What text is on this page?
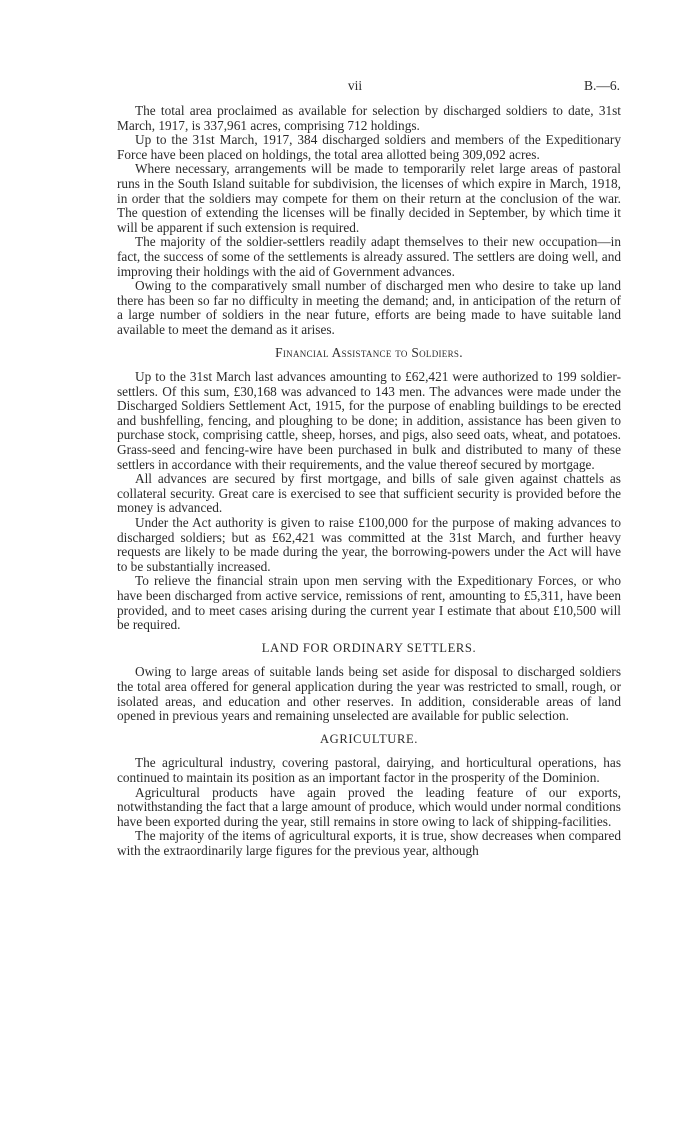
vii	B.—6.

The total area proclaimed as available for selection by discharged soldiers to date, 31st March, 1917, is 337,961 acres, comprising 712 holdings.

Up to the 31st March, 1917, 384 discharged soldiers and members of the Expeditionary Force have been placed on holdings, the total area allotted being 309,092 acres.

Where necessary, arrangements will be made to temporarily relet large areas of pastoral runs in the South Island suitable for subdivision, the licenses of which expire in March, 1918, in order that the soldiers may compete for them on their return at the conclusion of the war. The question of extending the licenses will be finally decided in September, by which time it will be apparent if such extension is required.

The majority of the soldier-settlers readily adapt themselves to their new occupation—in fact, the success of some of the settlements is already assured. The settlers are doing well, and improving their holdings with the aid of Government advances.

Owing to the comparatively small number of discharged men who desire to take up land there has been so far no difficulty in meeting the demand; and, in anticipation of the return of a large number of soldiers in the near future, efforts are being made to have suitable land available to meet the demand as it arises.

Financial Assistance to Soldiers.

Up to the 31st March last advances amounting to £62,421 were authorized to 199 soldier-settlers. Of this sum, £30,168 was advanced to 143 men. The advances were made under the Discharged Soldiers Settlement Act, 1915, for the purpose of enabling buildings to be erected and bushfelling, fencing, and ploughing to be done; in addition, assistance has been given to purchase stock, comprising cattle, sheep, horses, and pigs, also seed oats, wheat, and potatoes. Grass-seed and fencing-wire have been purchased in bulk and distributed to many of these settlers in accordance with their requirements, and the value thereof secured by mortgage.

All advances are secured by first mortgage, and bills of sale given against chattels as collateral security. Great care is exercised to see that sufficient security is provided before the money is advanced.

Under the Act authority is given to raise £100,000 for the purpose of making advances to discharged soldiers; but as £62,421 was committed at the 31st March, and further heavy requests are likely to be made during the year, the borrowing-powers under the Act will have to be substantially increased.

To relieve the financial strain upon men serving with the Expeditionary Forces, or who have been discharged from active service, remissions of rent, amounting to £5,311, have been provided, and to meet cases arising during the current year I estimate that about £10,500 will be required.

LAND FOR ORDINARY SETTLERS.

Owing to large areas of suitable lands being set aside for disposal to discharged soldiers the total area offered for general application during the year was restricted to small, rough, or isolated areas, and education and other reserves. In addition, considerable areas of land opened in previous years and remaining unselected are available for public selection.

AGRICULTURE.

The agricultural industry, covering pastoral, dairying, and horticultural operations, has continued to maintain its position as an important factor in the prosperity of the Dominion.

Agricultural products have again proved the leading feature of our exports, notwithstanding the fact that a large amount of produce, which would under normal conditions have been exported during the year, still remains in store owing to lack of shipping-facilities.

The majority of the items of agricultural exports, it is true, show decreases when compared with the extraordinarily large figures for the previous year, although
